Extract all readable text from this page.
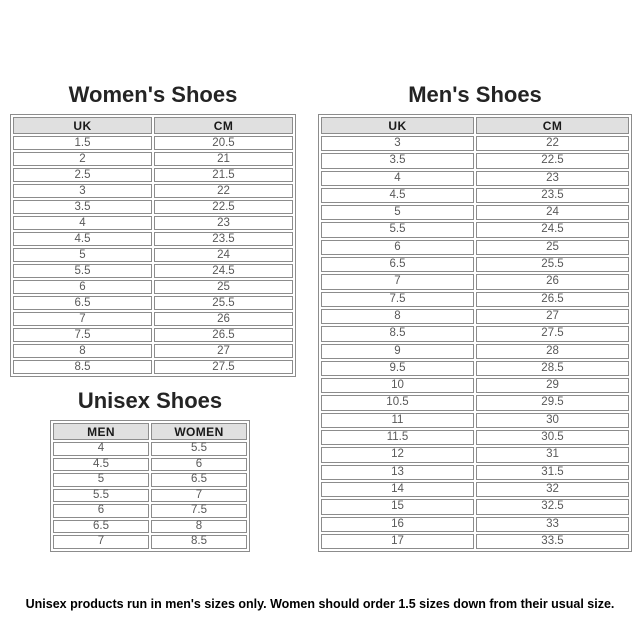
Women's Shoes
UK	CM
1.5	20.5
2	21
2.5	21.5
3	22
3.5	22.5
4	23
4.5	23.5
5	24
5.5	24.5
6	25
6.5	25.5
7	26
7.5	26.5
8	27
8.5	27.5
Men's Shoes
UK	CM
3	22
3.5	22.5
4	23
4.5	23.5
5	24
5.5	24.5
6	25
6.5	25.5
7	26
7.5	26.5
8	27
8.5	27.5
9	28
9.5	28.5
10	29
10.5	29.5
11	30
11.5	30.5
12	31
13	31.5
14	32
15	32.5
16	33
17	33.5
Unisex Shoes
MEN	WOMEN
4	5.5
4.5	6
5	6.5
5.5	7
6	7.5
6.5	8
7	8.5

Unisex products run in men's sizes only. Women should order 1.5 sizes down from their usual size.
